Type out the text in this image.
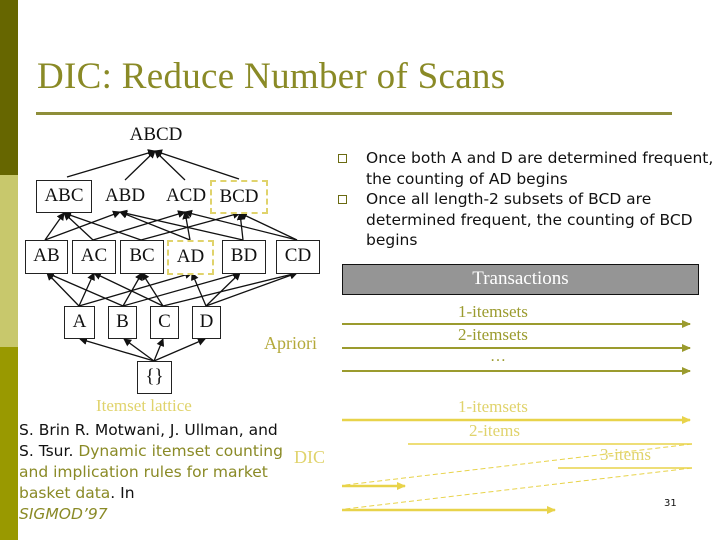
DIC: Reduce Number of Scans
ABCD
ABC	ABD	ACD BCD
AB	AC	BC	AD	BD	CD
A	B	C	D
{}
Itemset lattice
Once both A and D are determined frequent, the counting of AD begins
Once all length-2 subsets of BCD are determined frequent, the counting of BCD begins
Transactions
Apriori
1-itemsets
2-itemsets
…
DIC
1-itemsets
2-items
3-items
S. Brin R. Motwani, J. Ullman, and S. Tsur. Dynamic itemset counting and implication rules for market basket data. In
SIGMOD’97
31
